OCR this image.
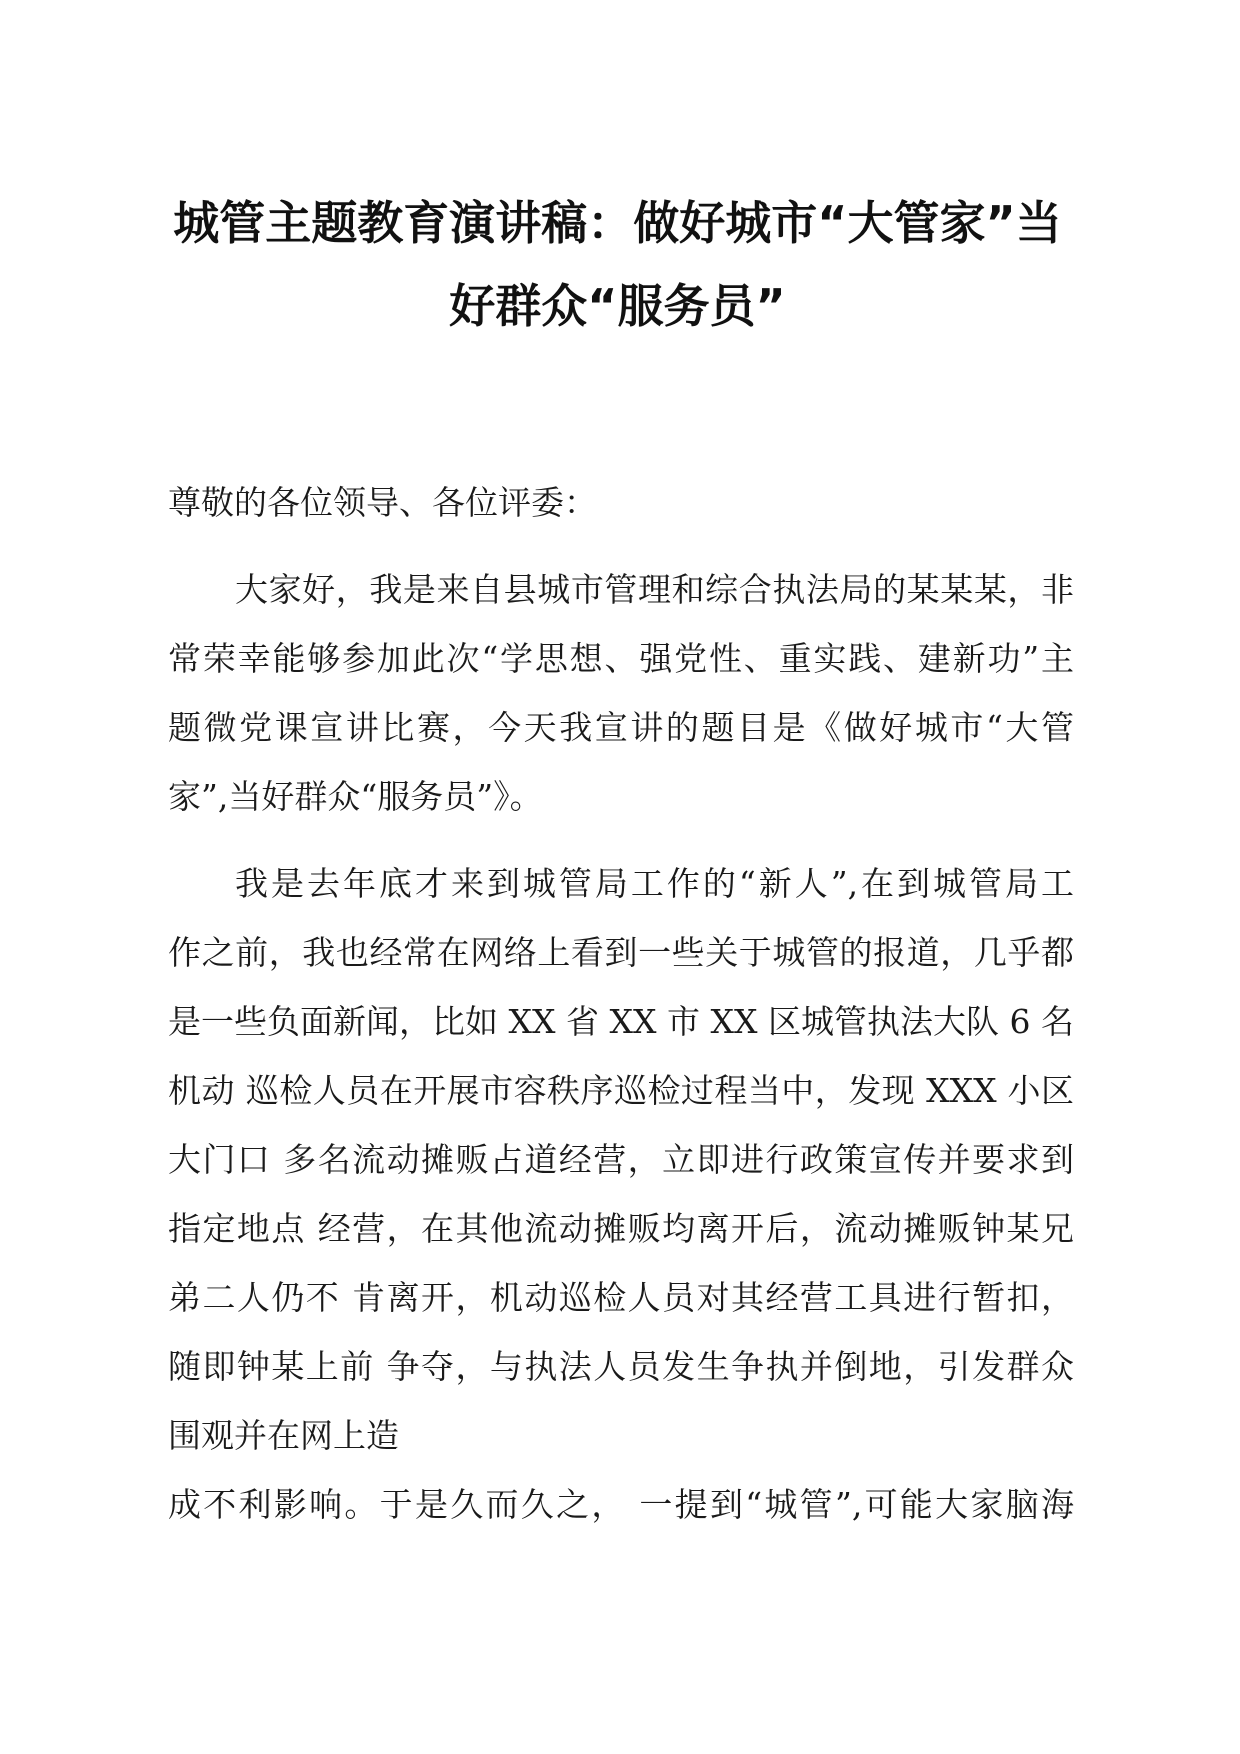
城管主题教育演讲稿：做好城市“大管家”当
好群众“服务员”
尊敬的各位领导、各位评委：
大家好，我是来自县城市管理和综合执法局的某某某，非
常荣幸能够参加此次“学思想、强党性、重实践、建新功”主
题微党课宣讲比赛，今天我宣讲的题目是《做好城市“大管
家”,当好群众“服务员”》。
我是去年底才来到城管局工作的“新人”,在到城管局工
作之前，我也经常在网络上看到一些关于城管的报道，几乎都
是一些负面新闻，比如 XX 省 XX 市 XX 区城管执法大队 6 名
机动 巡检人员在开展市容秩序巡检过程当中，发现 XXX 小区
大门口 多名流动摊贩占道经营，立即进行政策宣传并要求到
指定地点 经营，在其他流动摊贩均离开后，流动摊贩钟某兄
弟二人仍不 肯离开，机动巡检人员对其经营工具进行暂扣，
随即钟某上前 争夺，与执法人员发生争执并倒地，引发群众
围观并在网上造
成不利影响。于是久而久之， 一提到“城管”,可能大家脑海
